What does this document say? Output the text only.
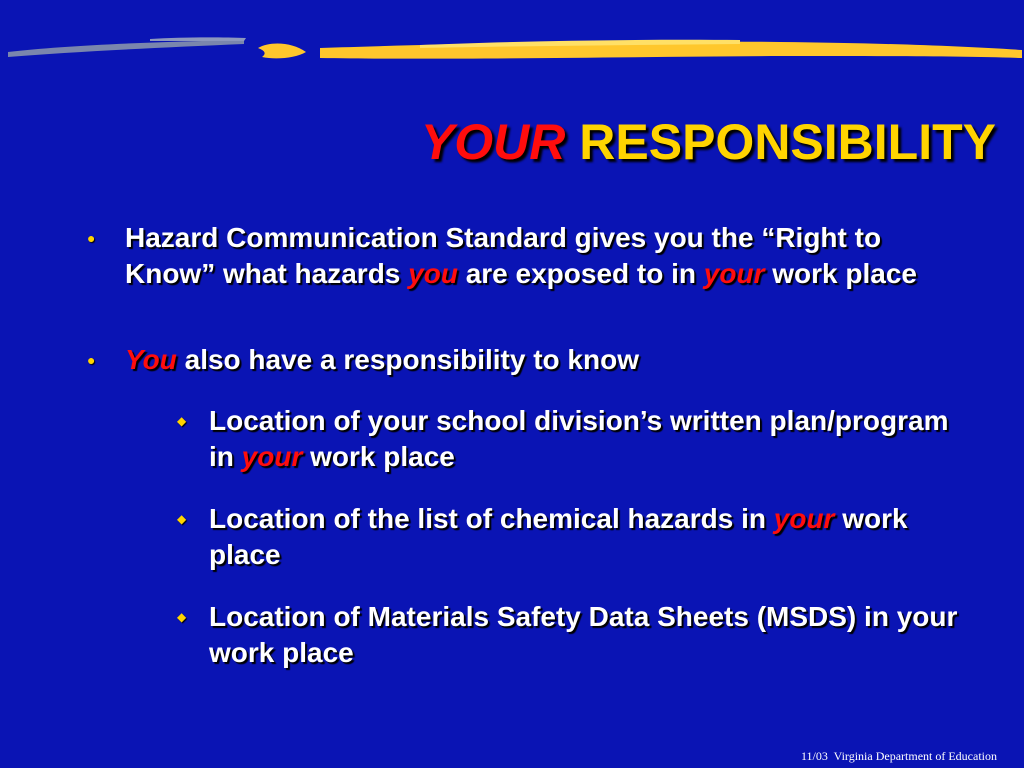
YOUR RESPONSIBILITY

● Hazard Communication Standard gives you the “Right to Know” what hazards you are exposed to in your work place

● You also have a responsibility to know

◆ Location of your school division’s written plan/program in your work place

◆ Location of the list of chemical hazards in your work place

◆ Location of Materials Safety Data Sheets (MSDS) in your work place

11/03  Virginia Department of Education
